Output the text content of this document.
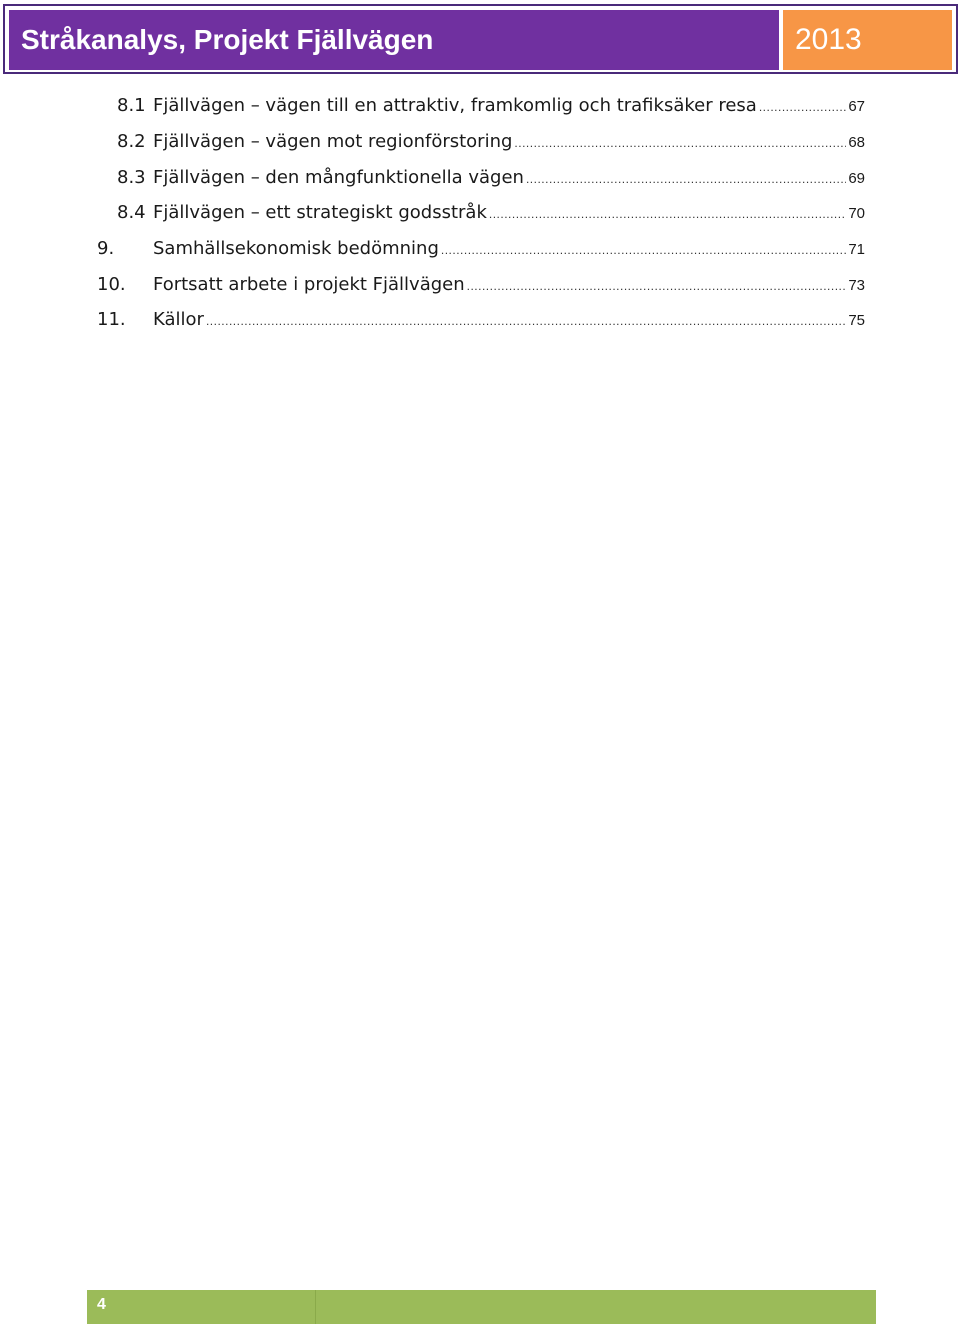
Stråkanalys, Projekt Fjällvägen	2013
8.1 Fjällvägen – vägen till en attraktiv, framkomlig och trafiksäker resa .....	67
8.2 Fjällvägen – vägen mot regionförstoring .....	68
8.3 Fjällvägen – den mångfunktionella vägen .....	69
8.4 Fjällvägen – ett strategiskt godsstråk .....	70
9.	Samhällsekonomisk bedömning .....	71
10.	Fortsatt arbete i projekt Fjällvägen .....	73
11.	Källor .....	75
4
